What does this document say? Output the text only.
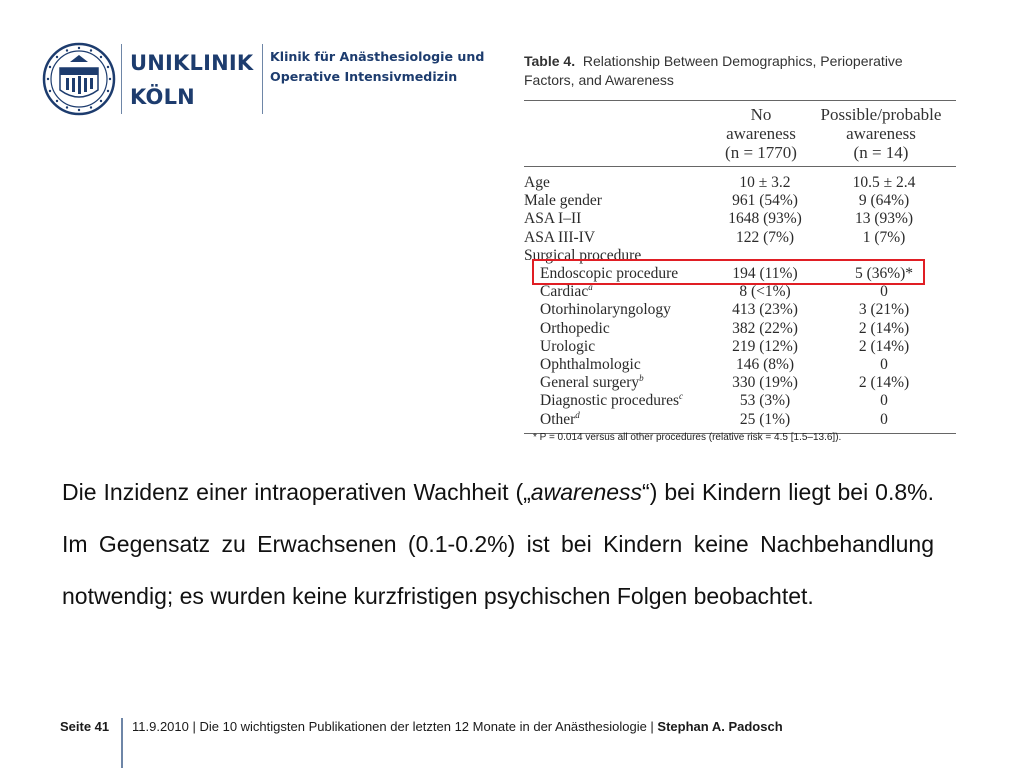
UNIKLINIK
KÖLN
Klinik für Anästhesiologie und
Operative Intensivmedizin
Table 4. Relationship Between Demographics, Perioperative
Factors, and Awareness
No
awareness
(n = 1770)
Possible/probable
awareness
(n = 14)
Age	10 ± 3.2	10.5 ± 2.4
Male gender	961 (54%)	9 (64%)
ASA I–II	1648 (93%)	13 (93%)
ASA III-IV	122 (7%)	1 (7%)
Surgical procedure
Endoscopic procedure	194 (11%)	5 (36%)*
Cardiac$^a$	8 (<1%)	0
Otorhinolaryngology	413 (23%)	3 (21%)
Orthopedic	382 (22%)	2 (14%)
Urologic	219 (12%)	2 (14%)
Ophthalmologic	146 (8%)	0
General surgery$^b$	330 (19%)	2 (14%)
Diagnostic procedures$^c$	53 (3%)	0
Other$^d$	25 (1%)	0
* P = 0.014 versus all other procedures (relative risk = 4.5 [1.5–13.6]).
Die Inzidenz einer intraoperativen Wachheit („awareness“) bei Kindern liegt bei 0.8%. Im Gegensatz zu Erwachsenen (0.1-0.2%) ist bei Kindern keine Nachbehandlung notwendig; es wurden keine kurzfristigen psychischen Folgen beobachtet.
Seite 41 11.9.2010 | Die 10 wichtigsten Publikationen der letzten 12 Monate in der Anästhesiologie | Stephan A. Padosch
